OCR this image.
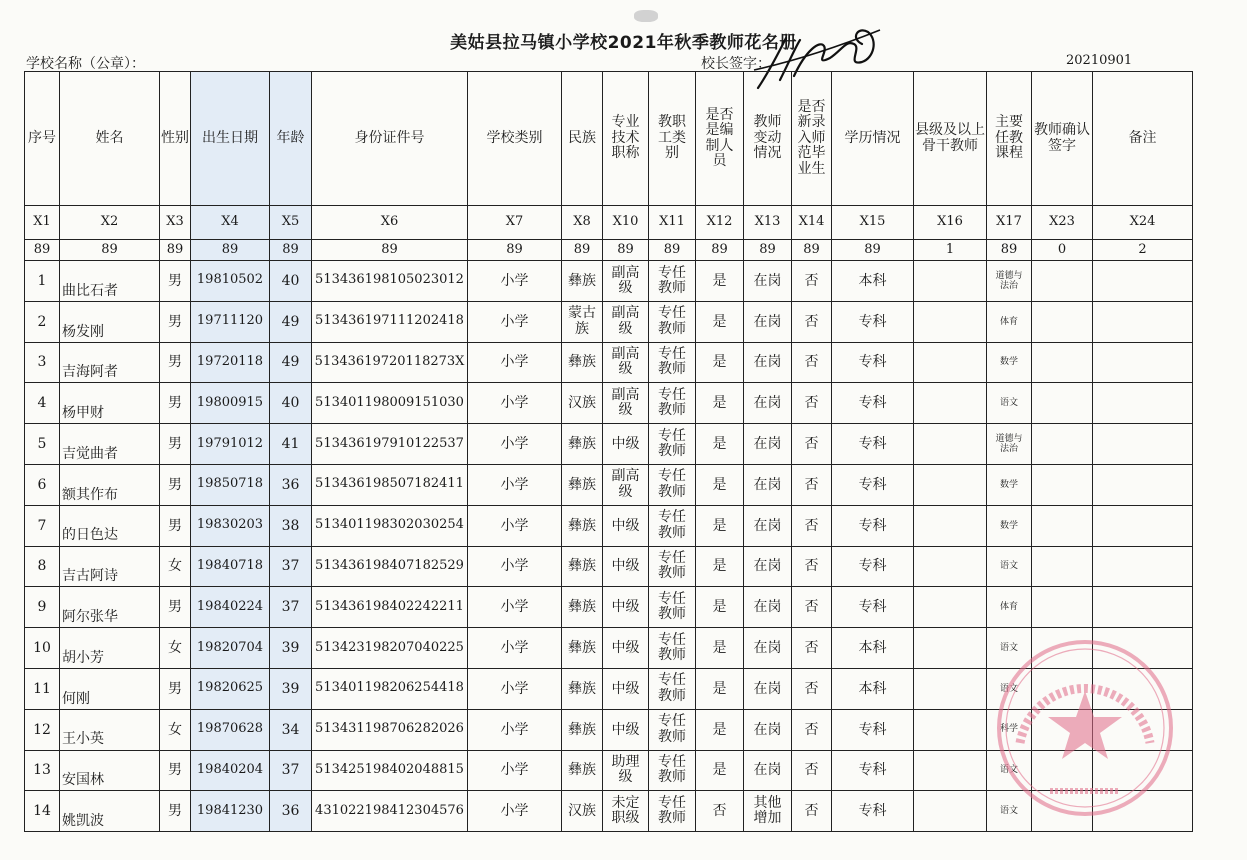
美姑县拉马镇小学校2021年秋季教师花名册
学校名称（公章）：	校长签字：	20210901
序号	姓名	性别	出生日期	年龄	身份证件号	学校类别	民族	专业技术职称	教职工类别	是否是编制人员	教师变动情况	是否新录入师范毕业生	学历情况	县级及以上骨干教师	主要任教课程	教师确认签字	备注

X1	X2	X3	X4	X5	X6	X7	X8	X10	X11	X12	X13	X14	X15	X16	X17	X23	X24
89	89	89	89	89	89	89	89	89	89	89	89	89	89	1	89	0	2
1	曲比石者	男	19810502	40	513436198105023012	小学	彝族	副高级	专任教师	是	在岗	否	本科		道德与法治		

2	杨发刚	男	19711120	49	513436197111202418	小学	蒙古族	副高级	专任教师	是	在岗	否	专科		体育		
3	吉海阿者	男	19720118	49	51343619720118273X	小学	彝族	副高级	专任教师	是	在岗	否	专科		数学		
4	杨甲财	男	19800915	40	513401198009151030	小学	汉族	副高级	专任教师	是	在岗	否	专科		语文		
5	吉觉曲者	男	19791012	41	513436197910122537	小学	彝族	中级	专任教师	是	在岗	否	专科		道德与法治		

6	额其作布	男	19850718	36	513436198507182411	小学	彝族	副高级	专任教师	是	在岗	否	专科		数学		
7	的日色达	男	19830203	38	513401198302030254	小学	彝族	中级	专任教师	是	在岗	否	专科		数学		
8	吉古阿诗	女	19840718	37	513436198407182529	小学	彝族	中级	专任教师	是	在岗	否	专科		语文		
9	阿尔张华	男	19840224	37	513436198402242211	小学	彝族	中级	专任教师	是	在岗	否	专科		体育		
10	胡小芳	女	19820704	39	513423198207040225	小学	彝族	中级	专任教师	是	在岗	否	本科		语文		
11	何刚	男	19820625	39	513401198206254418	小学	彝族	中级	专任教师	是	在岗	否	本科		语文		
12	王小英	女	19870628	34	513431198706282026	小学	彝族	中级	专任教师	是	在岗	否	专科		科学		
13	安国林	男	19840204	37	513425198402048815	小学	彝族	助理级	专任教师	是	在岗	否	专科		语文		
14	姚凯波	男	19841230	36	431022198412304576	小学	汉族	未定职级	专任教师	否	其他增加	否	专科		语文		
